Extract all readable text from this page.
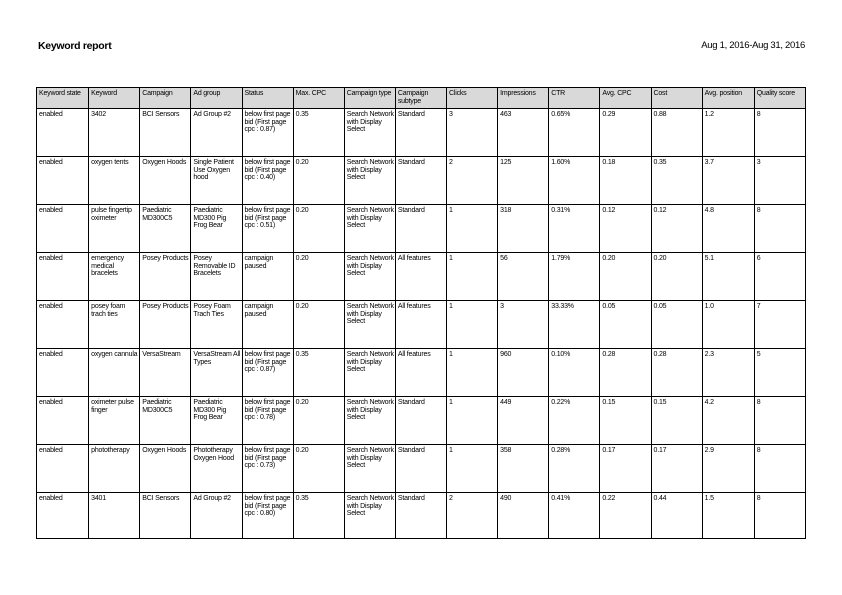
Keyword report	Aug 1, 2016-Aug 31, 2016
Keyword state	Keyword	Campaign	Ad group	Status	Max. CPC	Campaign type	Campaign subtype	Clicks	Impressions	CTR	Avg. CPC	Cost	Avg. position	Quality score
enabled	3402	BCI Sensors	Ad Group #2	below first page bid (First page cpc : 0.87)	0.35	Search Network with Display Select	Standard	3	463	0.65%	0.29	0.88	1.2	8
enabled	oxygen tents	Oxygen Hoods	Single Patient Use Oxygen hood	below first page bid (First page cpc : 0.40)	0.20	Search Network with Display Select	Standard	2	125	1.60%	0.18	0.35	3.7	3
enabled	pulse fingertip oximeter	Paediatric MD300C5	Paediatric MD300 Pig Frog Bear	below first page bid (First page cpc : 0.51)	0.20	Search Network with Display Select	Standard	1	318	0.31%	0.12	0.12	4.8	8
enabled	emergency medical bracelets	Posey Products	Posey Removable ID Bracelets	campaign paused	0.20	Search Network with Display Select	All features	1	56	1.79%	0.20	0.20	5.1	6
enabled	posey foam trach ties	Posey Products	Posey Foam Trach Ties	campaign paused	0.20	Search Network with Display Select	All features	1	3	33.33%	0.05	0.05	1.0	7
enabled	oxygen cannula	VersaStream	VersaStream All Types	below first page bid (First page cpc : 0.87)	0.35	Search Network with Display Select	All features	1	960	0.10%	0.28	0.28	2.3	5
enabled	oximeter pulse finger	Paediatric MD300C5	Paediatric MD300 Pig Frog Bear	below first page bid (First page cpc : 0.78)	0.20	Search Network with Display Select	Standard	1	449	0.22%	0.15	0.15	4.2	8
enabled	phototherapy	Oxygen Hoods	Phototherapy Oxygen Hood	below first page bid (First page cpc : 0.73)	0.20	Search Network with Display Select	Standard	1	358	0.28%	0.17	0.17	2.9	8
enabled	3401	BCI Sensors	Ad Group #2	below first page bid (First page cpc : 0.80)	0.35	Search Network with Display Select	Standard	2	490	0.41%	0.22	0.44	1.5	8
